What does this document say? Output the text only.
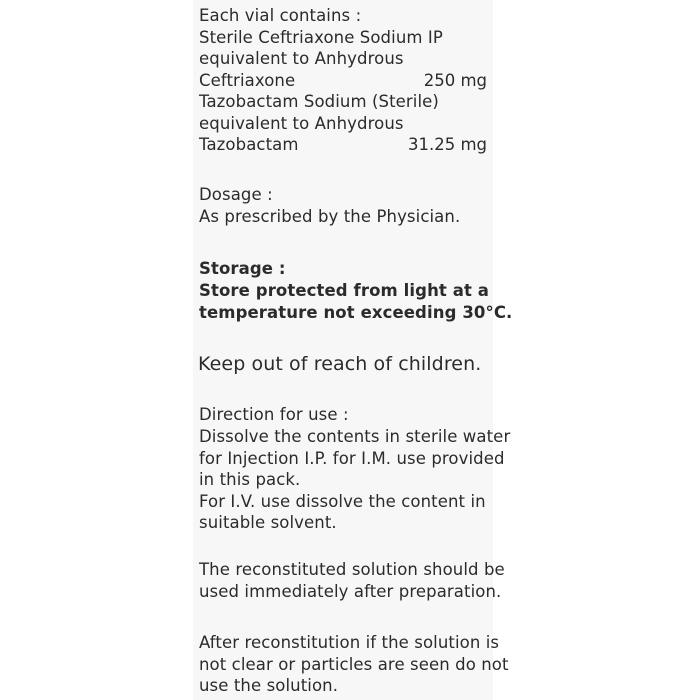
Each vial contains :
Sterile Ceftriaxone Sodium IP
equivalent to Anhydrous
Ceftriaxone	250 mg
Tazobactam Sodium (Sterile)
equivalent to Anhydrous
Tazobactam	31.25 mg
Dosage :
As prescribed by the Physician.
Storage :
Store protected from light at a
temperature not exceeding 30°C.
Keep out of reach of children.
Direction for use :
Dissolve the contents in sterile water
for Injection I.P. for I.M. use provided
in this pack.
For I.V. use dissolve the content in
suitable solvent.
The reconstituted solution should be
used immediately after preparation.
After reconstitution if the solution is
not clear or particles are seen do not
use the solution.
